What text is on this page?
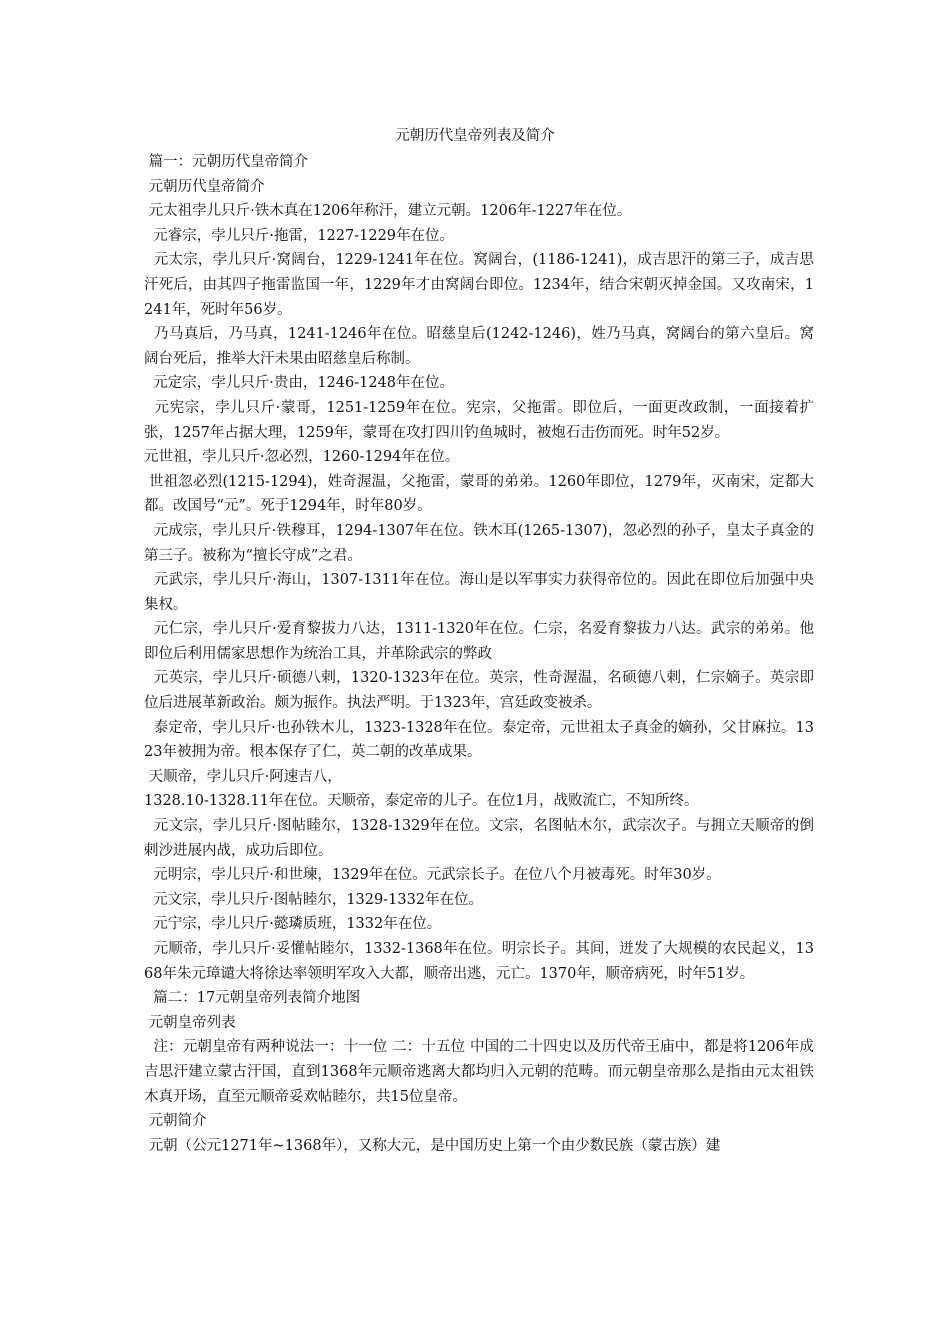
元朝历代皇帝列表及简介

篇一：元朝历代皇帝简介

元朝历代皇帝简介

元太祖孛儿只斤·铁木真在1206年称汗，建立元朝。1206年-1227年在位。

元睿宗，孛儿只斤·拖雷，1227-1229年在位。

元太宗，孛儿只斤·窝阔台，1229-1241年在位。窝阔台，(1186-1241)，成吉思汗的第三子，成吉思汗死后，由其四子拖雷监国一年，1229年才由窝阔台即位。1234年，结合宋朝灭掉金国。又攻南宋，1241年，死时年56岁。

乃马真后，乃马真，1241-1246年在位。昭慈皇后(1242-1246)，姓乃马真，窝阔台的第六皇后。窝阔台死后，推举大汗未果由昭慈皇后称制。

元定宗，孛儿只斤·贵由，1246-1248年在位。

元宪宗，孛儿只斤·蒙哥，1251-1259年在位。宪宗，父拖雷。即位后，一面更改政制，一面接着扩张，1257年占据大理，1259年，蒙哥在攻打四川钓鱼城时，被炮石击伤而死。时年52岁。

元世祖，孛儿只斤·忽必烈，1260-1294年在位。

世祖忽必烈(1215-1294)，姓奇渥温，父拖雷，蒙哥的弟弟。1260年即位，1279年，灭南宋，定都大都。改国号“元”。死于1294年，时年80岁。

元成宗，孛儿只斤·铁穆耳，1294-1307年在位。铁木耳(1265-1307)，忽必烈的孙子，皇太子真金的第三子。被称为“擅长守成”之君。

元武宗，孛儿只斤·海山，1307-1311年在位。海山是以军事实力获得帝位的。因此在即位后加强中央集权。

元仁宗，孛儿只斤·爱育黎拔力八达，1311-1320年在位。仁宗，名爱育黎拔力八达。武宗的弟弟。他即位后利用儒家思想作为统治工具，并革除武宗的弊政

元英宗，孛儿只斤·硕德八剌，1320-1323年在位。英宗，性奇渥温，名硕德八剌，仁宗嫡子。英宗即位后进展革新政治。颇为振作。执法严明。于1323年，宫廷政变被杀。

泰定帝，孛儿只斤·也孙铁木儿，1323-1328年在位。泰定帝，元世祖太子真金的嫡孙，父甘麻拉。1323年被拥为帝。根本保存了仁，英二朝的改革成果。

天顺帝，孛儿只斤·阿速吉八，

1328.10-1328.11年在位。天顺帝，泰定帝的儿子。在位1月，战败流亡，不知所终。

元文宗，孛儿只斤·图帖睦尔，1328-1329年在位。文宗，名图帖木尔，武宗次子。与拥立天顺帝的倒剌沙进展内战，成功后即位。

元明宗，孛儿只斤·和世瑓，1329年在位。元武宗长子。在位八个月被毒死。时年30岁。

元文宗，孛儿只斤·图帖睦尔，1329-1332年在位。

元宁宗，孛儿只斤·懿璘质班，1332年在位。

元顺帝，孛儿只斤·妥懽帖睦尔，1332-1368年在位。明宗长子。其间，迸发了大规模的农民起义，1368年朱元璋谴大将徐达率领明军攻入大都，顺帝出逃，元亡。1370年，顺帝病死，时年51岁。

篇二：17元朝皇帝列表简介地图

元朝皇帝列表

注：元朝皇帝有两种说法一：十一位 二：十五位 中国的二十四史以及历代帝王庙中，都是将1206年成吉思汗建立蒙古汗国，直到1368年元顺帝逃离大都均归入元朝的范畴。而元朝皇帝那么是指由元太祖铁木真开场，直至元顺帝妥欢帖睦尔，共15位皇帝。

元朝简介

元朝（公元1271年~1368年），又称大元，是中国历史上第一个由少数民族（蒙古族）建
